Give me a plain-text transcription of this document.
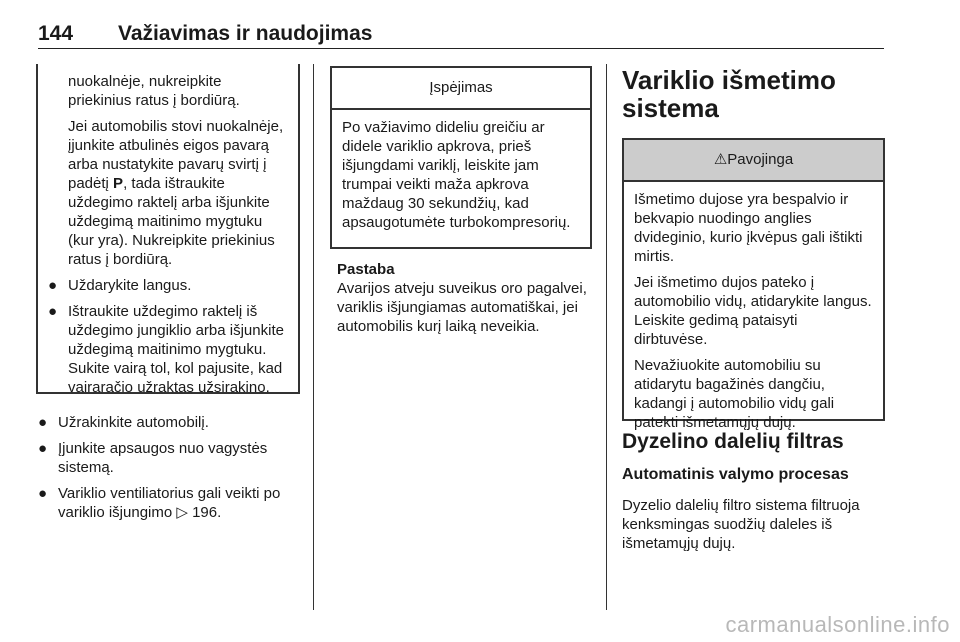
144 Važiavimas ir naudojimas

nuokalnėje, nukreipkite priekinius ratus į bordiūrą.

Jei automobilis stovi nuokalnėje, įjunkite atbulinės eigos pavarą arba nustatykite pavarų svirtį į padėtį P, tada ištraukite uždegimo raktelį arba išjunkite uždegimą maitinimo mygtuku (kur yra). Nukreipkite priekinius ratus į bordiūrą.

● Uždarykite langus.
● Ištraukite uždegimo raktelį iš uždegimo jungiklio arba išjunkite uždegimą maitinimo mygtuku. Sukite vairą tol, kol pajusite, kad vairaračio užraktas užsirakino.
● Užrakinkite automobilį.
● Įjunkite apsaugos nuo vagystės sistemą.
● Variklio ventiliatorius gali veikti po variklio išjungimo ▷ 196.
Įspėjimas
Po važiavimo dideliu greičiu ar didele variklio apkrova, prieš išjungdami variklį, leiskite jam trumpai veikti maža apkrova maždaug 30 sekundžių, kad apsaugotumėte turbokompresorių.
Pastaba
Avarijos atveju suveikus oro pagalvei, variklis išjungiamas automatiškai, jei automobilis kurį laiką neveikia.
Variklio išmetimo sistema
⚠Pavojinga

Išmetimo dujose yra bespalvio ir bekvapio nuodingo anglies dvideginio, kurio įkvėpus gali ištikti mirtis.

Jei išmetimo dujos pateko į automobilio vidų, atidarykite langus. Leiskite gedimą pataisyti dirbtuvėse.

Nevažiuokite automobiliu su atidarytu bagažinės dangčiu, kadangi į automobilio vidų gali patekti išmetamųjų dujų.

Dyzelino dalelių filtras
Automatinis valymo procesas
Dyzelio dalelių filtro sistema filtruoja kenksmingas suodžių daleles iš išmetamųjų dujų.
carmanualsonline.info
